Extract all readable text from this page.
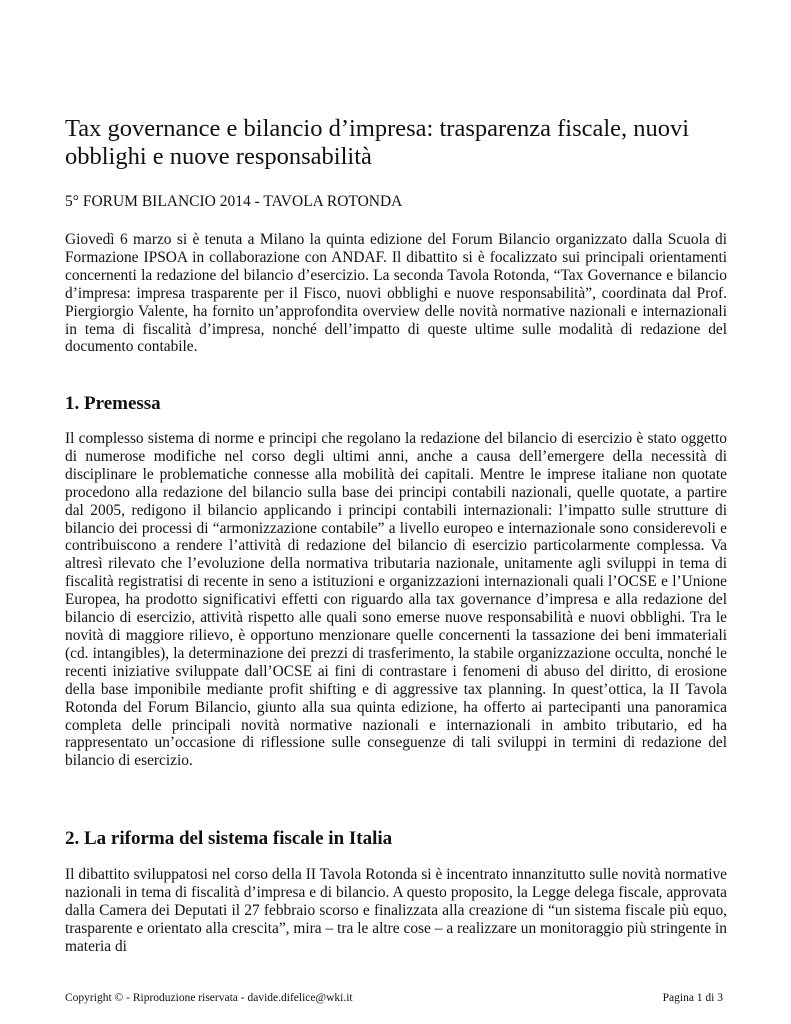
Tax governance e bilancio d’impresa: trasparenza fiscale, nuovi obblighi e nuove responsabilità

5° FORUM BILANCIO 2014 - TAVOLA ROTONDA

Giovedì 6 marzo si è tenuta a Milano la quinta edizione del Forum Bilancio organizzato dalla Scuola di Formazione IPSOA in collaborazione con ANDAF. Il dibattito si è focalizzato sui principali orientamenti concernenti la redazione del bilancio d’esercizio. La seconda Tavola Rotonda, “Tax Governance e bilancio d’impresa: impresa trasparente per il Fisco, nuovi obblighi e nuove responsabilità”, coordinata dal Prof. Piergiorgio Valente, ha fornito un’approfondita overview delle novità normative nazionali e internazionali in tema di fiscalità d’impresa, nonché dell’impatto di queste ultime sulle modalità di redazione del documento contabile.

1. Premessa

Il complesso sistema di norme e principi che regolano la redazione del bilancio di esercizio è stato oggetto di numerose modifiche nel corso degli ultimi anni, anche a causa dell’emergere della necessità di disciplinare le problematiche connesse alla mobilità dei capitali. Mentre le imprese italiane non quotate procedono alla redazione del bilancio sulla base dei principi contabili nazionali, quelle quotate, a partire dal 2005, redigono il bilancio applicando i principi contabili internazionali: l’impatto sulle strutture di bilancio dei processi di “armonizzazione contabile” a livello europeo e internazionale sono considerevoli e contribuiscono a rendere l’attività di redazione del bilancio di esercizio particolarmente complessa. Va altresì rilevato che l’evoluzione della normativa tributaria nazionale, unitamente agli sviluppi in tema di fiscalità registratisi di recente in seno a istituzioni e organizzazioni internazionali quali l’OCSE e l’Unione Europea, ha prodotto significativi effetti con riguardo alla tax governance d’impresa e alla redazione del bilancio di esercizio, attività rispetto alle quali sono emerse nuove responsabilità e nuovi obblighi. Tra le novità di maggiore rilievo, è opportuno menzionare quelle concernenti la tassazione dei beni immateriali (cd. intangibles), la determinazione dei prezzi di trasferimento, la stabile organizzazione occulta, nonché le recenti iniziative sviluppate dall’OCSE ai fini di contrastare i fenomeni di abuso del diritto, di erosione della base imponibile mediante profit shifting e di aggressive tax planning. In quest’ottica, la II Tavola Rotonda del Forum Bilancio, giunto alla sua quinta edizione, ha offerto ai partecipanti una panoramica completa delle principali novità normative nazionali e internazionali in ambito tributario, ed ha rappresentato un’occasione di riflessione sulle conseguenze di tali sviluppi in termini di redazione del bilancio di esercizio.

2. La riforma del sistema fiscale in Italia

Il dibattito sviluppatosi nel corso della II Tavola Rotonda si è incentrato innanzitutto sulle novità normative nazionali in tema di fiscalità d’impresa e di bilancio. A questo proposito, la Legge delega fiscale, approvata dalla Camera dei Deputati il 27 febbraio scorso e finalizzata alla creazione di “un sistema fiscale più equo, trasparente e orientato alla crescita”, mira – tra le altre cose – a realizzare un monitoraggio più stringente in materia di

Copyright © - Riproduzione riservata - davide.difelice@wki.it	Pagina 1 di 3
